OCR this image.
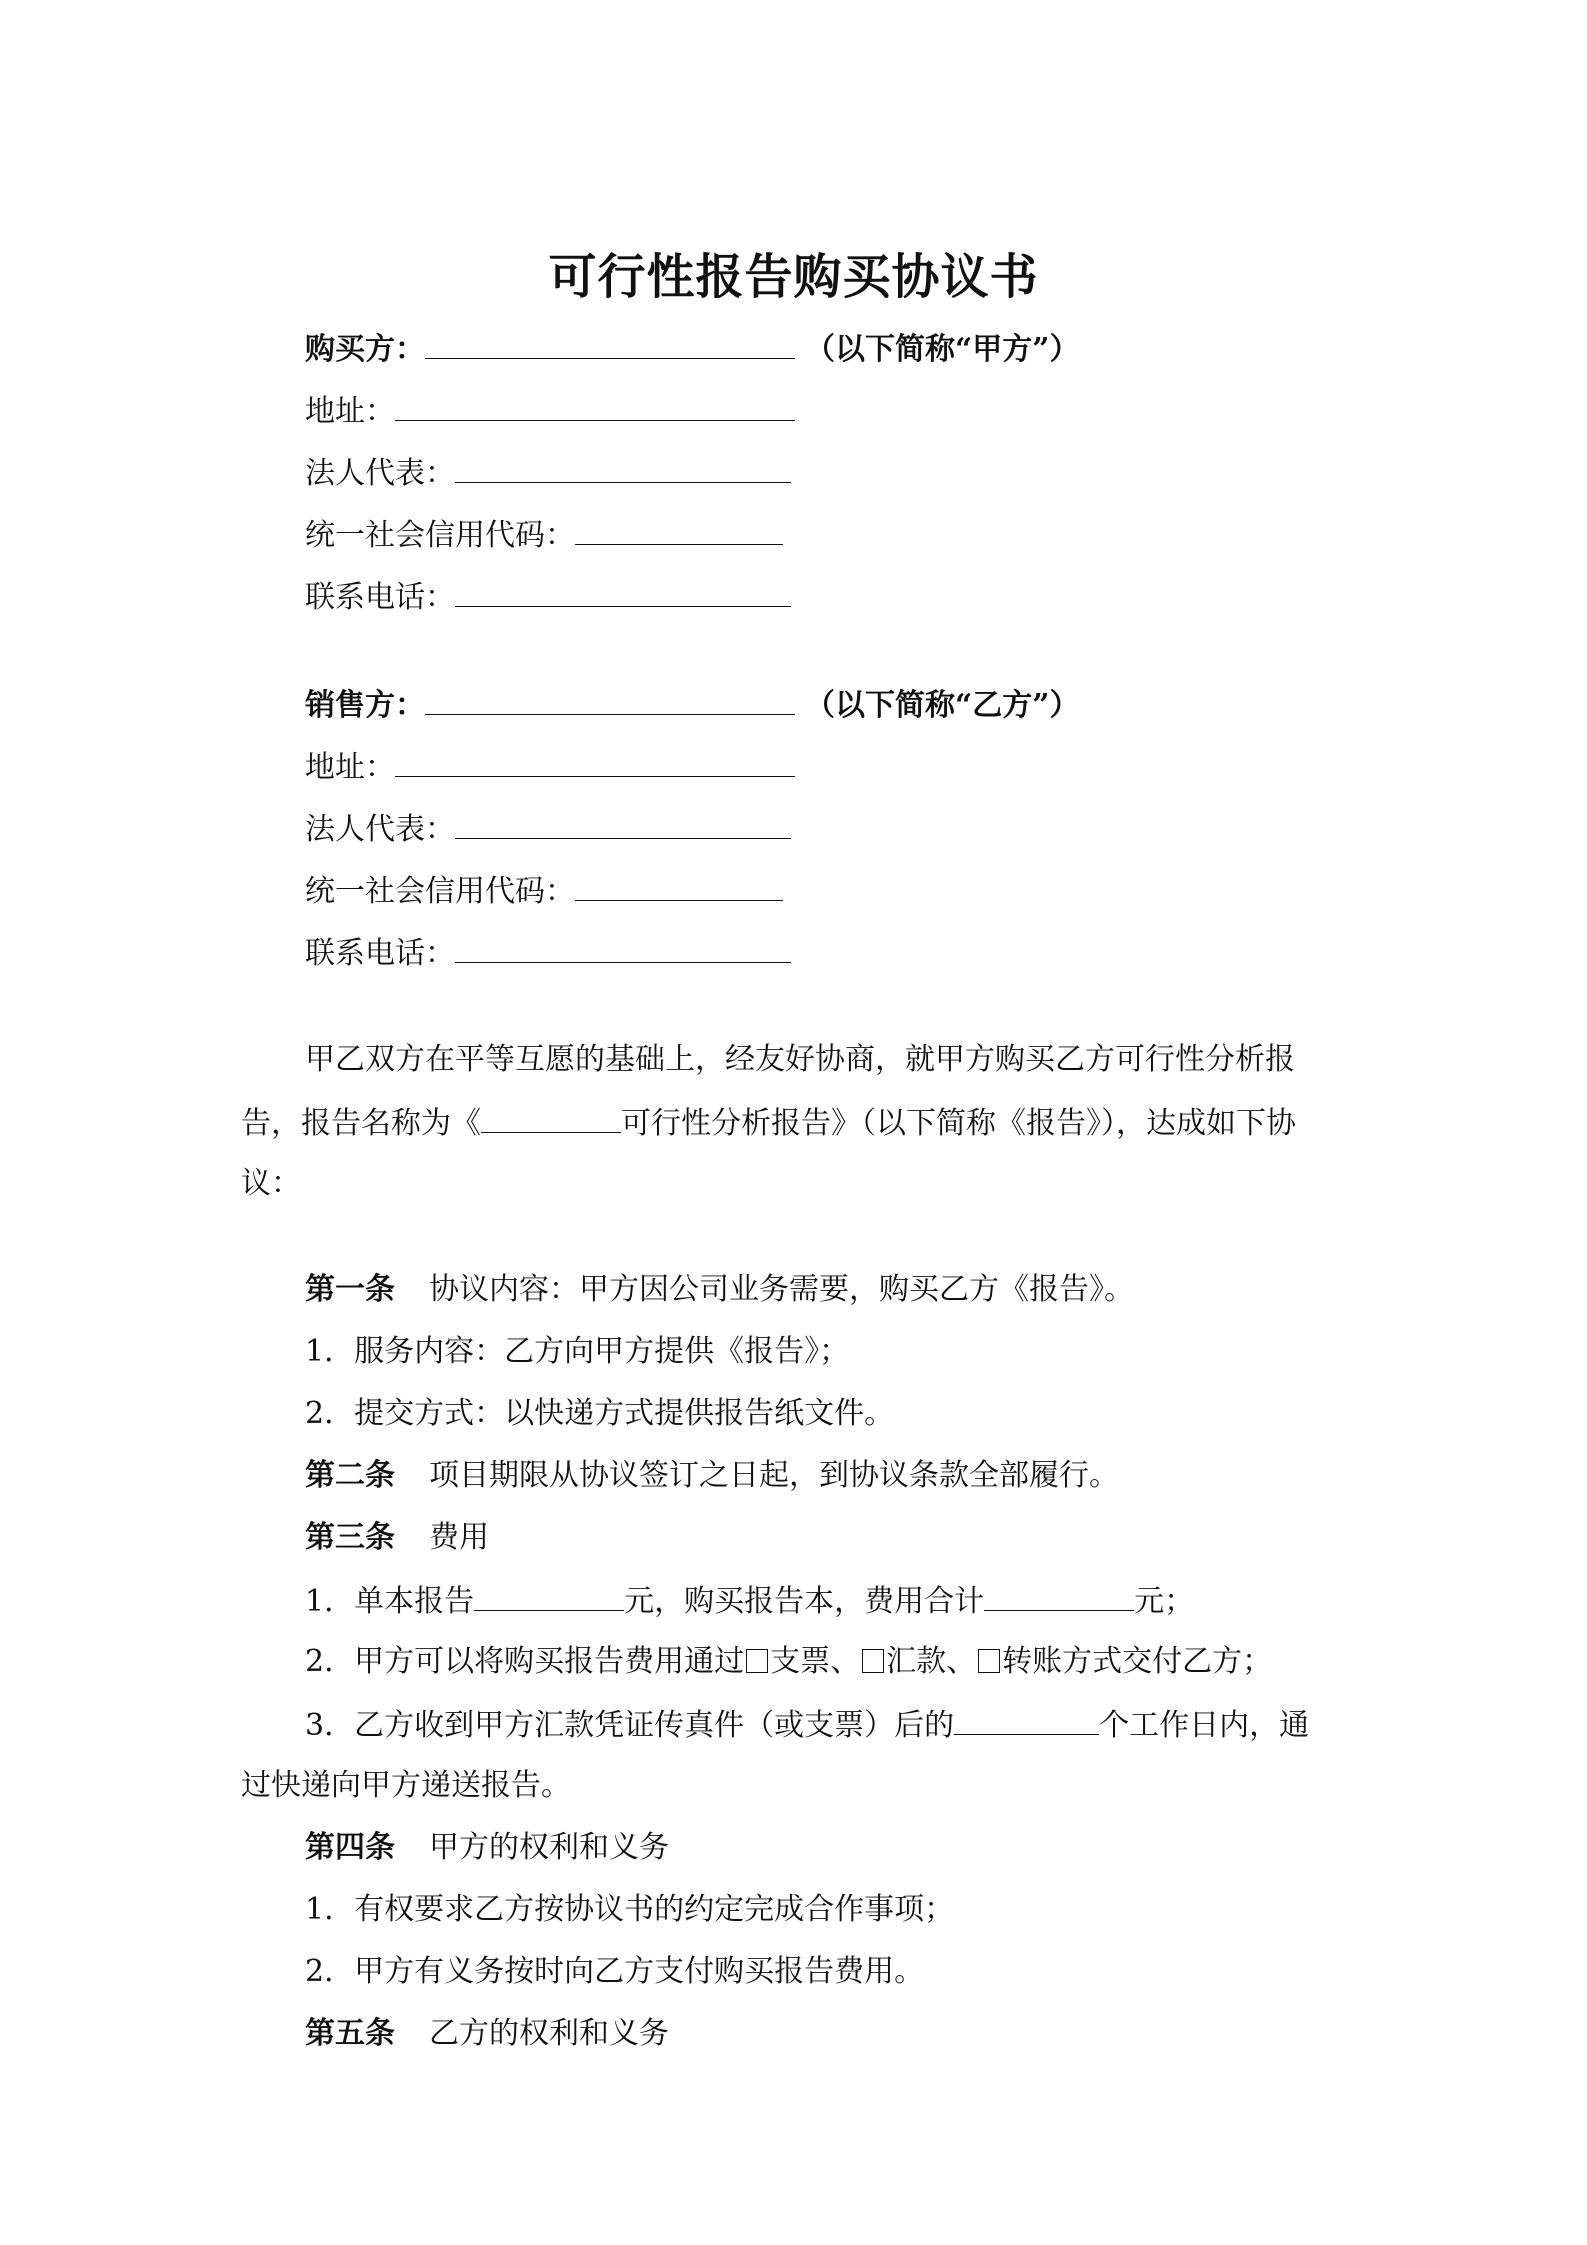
可行性报告购买协议书
购买方：	（以下简称“甲方”）
地址：
法人代表：
统一社会信用代码：
联系电话：
销售方：	（以下简称“乙方”）
地址：
法人代表：
统一社会信用代码：
联系电话：
甲乙双方在平等互愿的基础上，经友好协商，就甲方购买乙方可行性分析报
告，报告名称为《	可行性分析报告》（以下简称《报告》），达成如下协
议：
第一条 协议内容：甲方因公司业务需要，购买乙方《报告》。
1．服务内容：乙方向甲方提供《报告》；
2．提交方式：以快递方式提供报告纸文件。
第二条 项目期限从协议签订之日起，到协议条款全部履行。
第三条 费用
1．单本报告	元，购买报告本，费用合计	元；
2．甲方可以将购买报告费用通过 支票、 汇款、 转账方式交付乙方；
3．乙方收到甲方汇款凭证传真件（或支票）后的	个工作日内，通
过快递向甲方递送报告。
第四条 甲方的权利和义务
1．有权要求乙方按协议书的约定完成合作事项；
2．甲方有义务按时向乙方支付购买报告费用。
第五条 乙方的权利和义务
